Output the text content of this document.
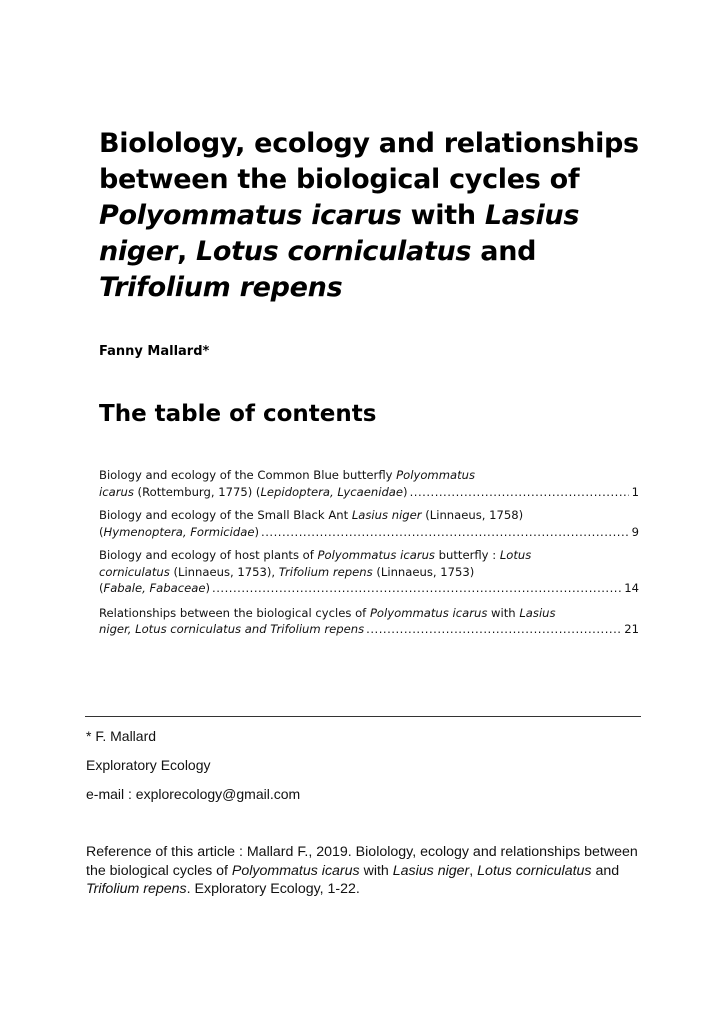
Biolology, ecology and relationships
between the biological cycles of
Polyommatus icarus with Lasius
niger, Lotus corniculatus and
Trifolium repens

Fanny Mallard*

The table of contents
Biology and ecology of the Common Blue butterfly Polyommatus
icarus (Rottemburg, 1775) (Lepidoptera, Lycaenidae) .....	1
Biology and ecology of the Small Black Ant Lasius niger (Linnaeus, 1758)
(Hymenoptera, Formicidae) .....	9
Biology and ecology of host plants of Polyommatus icarus butterfly : Lotus
corniculatus (Linnaeus, 1753), Trifolium repens (Linnaeus, 1753)
(Fabale, Fabaceae) .....	14
Relationships between the biological cycles of Polyommatus icarus with Lasius
niger, Lotus corniculatus and Trifolium repens .....	21

* F. Mallard

Exploratory Ecology

e-mail : explorecology@gmail.com

Reference of this article : Mallard F., 2019. Biolology, ecology and relationships between the biological cycles of Polyommatus icarus with Lasius niger, Lotus corniculatus and Trifolium repens. Exploratory Ecology, 1-22.
